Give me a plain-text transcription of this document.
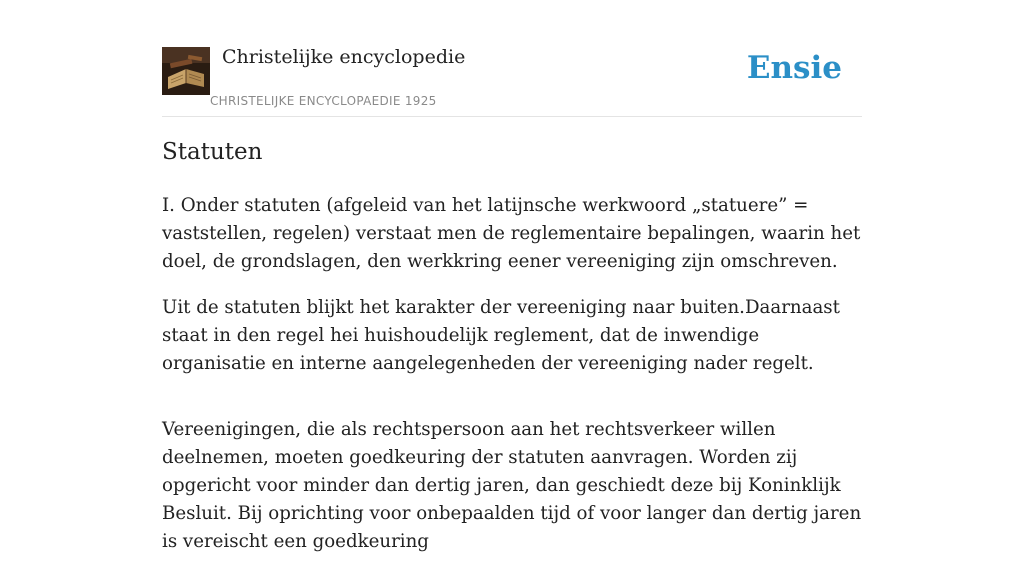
Christelijke encyclopedie
CHRISTELIJKE ENCYCLOPAEDIE 1925
Ensie
Statuten

I. Onder statuten (afgeleid van het latijnsche werkwoord „statuere” = vaststellen, regelen) verstaat men de reglementaire bepalingen, waarin het doel, de grondslagen, den werkkring eener vereeniging zijn omschreven.

Uit de statuten blijkt het karakter der vereeniging naar buiten.Daarnaast staat in den regel hei huishoudelijk reglement, dat de inwendige organisatie en interne aangelegenheden der vereeniging nader regelt.

Vereenigingen, die als rechtspersoon aan het rechtsverkeer willen deelnemen, moeten goedkeuring der statuten aanvragen. Worden zij opgericht voor minder dan dertig jaren, dan geschiedt deze bij Koninklijk Besluit. Bij oprichting voor onbepaalden tijd of voor langer dan dertig jaren is vereischt een goedkeuring
